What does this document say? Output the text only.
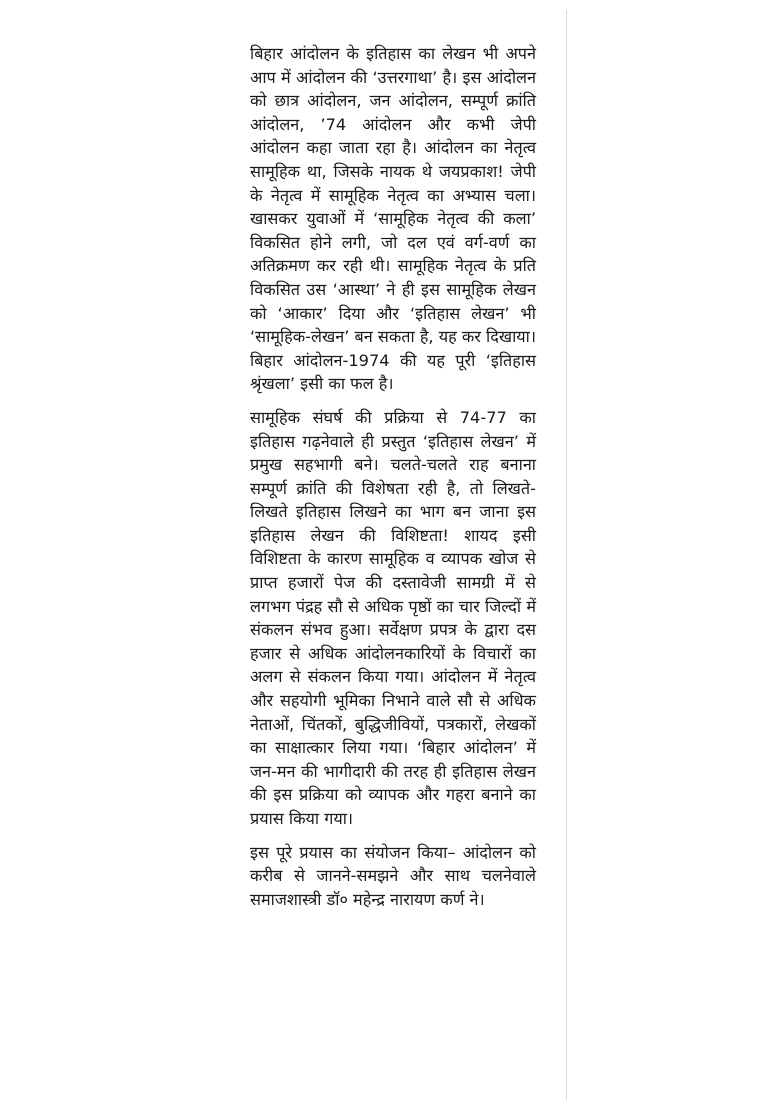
बिहार आंदोलन के इतिहास का लेखन भी अपने आप में आंदोलन की ‘उत्तरगाथा’ है। इस आंदोलन को छात्र आंदोलन, जन आंदोलन, सम्पूर्ण क्रांति आंदोलन, ’74 आंदोलन और कभी जेपी आंदोलन कहा जाता रहा है। आंदोलन का नेतृत्व सामूहिक था, जिसके नायक थे जयप्रकाश! जेपी के नेतृत्व में सामूहिक नेतृत्व का अभ्यास चला। खासकर युवाओं में ‘सामूहिक नेतृत्व की कला’ विकसित होने लगी, जो दल एवं वर्ग-वर्ण का अतिक्रमण कर रही थी। सामूहिक नेतृत्व के प्रति विकसित उस ‘आस्था’ ने ही इस सामूहिक लेखन को ‘आकार’ दिया और ‘इतिहास लेखन’ भी ‘सामूहिक-लेखन’ बन सकता है, यह कर दिखाया। बिहार आंदोलन-1974 की यह पूरी ‘इतिहास श्रृंखला’ इसी का फल है।

सामूहिक संघर्ष की प्रक्रिया से 74-77 का इतिहास गढ़नेवाले ही प्रस्तुत ‘इतिहास लेखन’ में प्रमुख सहभागी बने। चलते-चलते राह बनाना सम्पूर्ण क्रांति की विशेषता रही है, तो लिखते-लिखते इतिहास लिखने का भाग बन जाना इस इतिहास लेखन की विशिष्टता! शायद इसी विशिष्टता के कारण सामूहिक व व्यापक खोज से प्राप्त हजारों पेज की दस्तावेजी सामग्री में से लगभग पंद्रह सौ से अधिक पृष्ठों का चार जिल्दों में संकलन संभव हुआ। सर्वेक्षण प्रपत्र के द्वारा दस हजार से अधिक आंदोलनकारियों के विचारों का अलग से संकलन किया गया। आंदोलन में नेतृत्व और सहयोगी भूमिका निभाने वाले सौ से अधिक नेताओं, चिंतकों, बुद्धिजीवियों, पत्रकारों, लेखकों का साक्षात्कार लिया गया। ‘बिहार आंदोलन’ में जन-मन की भागीदारी की तरह ही इतिहास लेखन की इस प्रक्रिया को व्यापक और गहरा बनाने का प्रयास किया गया।

इस पूरे प्रयास का संयोजन किया– आंदोलन को करीब से जानने-समझने और साथ चलनेवाले समाजशास्त्री डॉ० महेन्द्र नारायण कर्ण ने।
